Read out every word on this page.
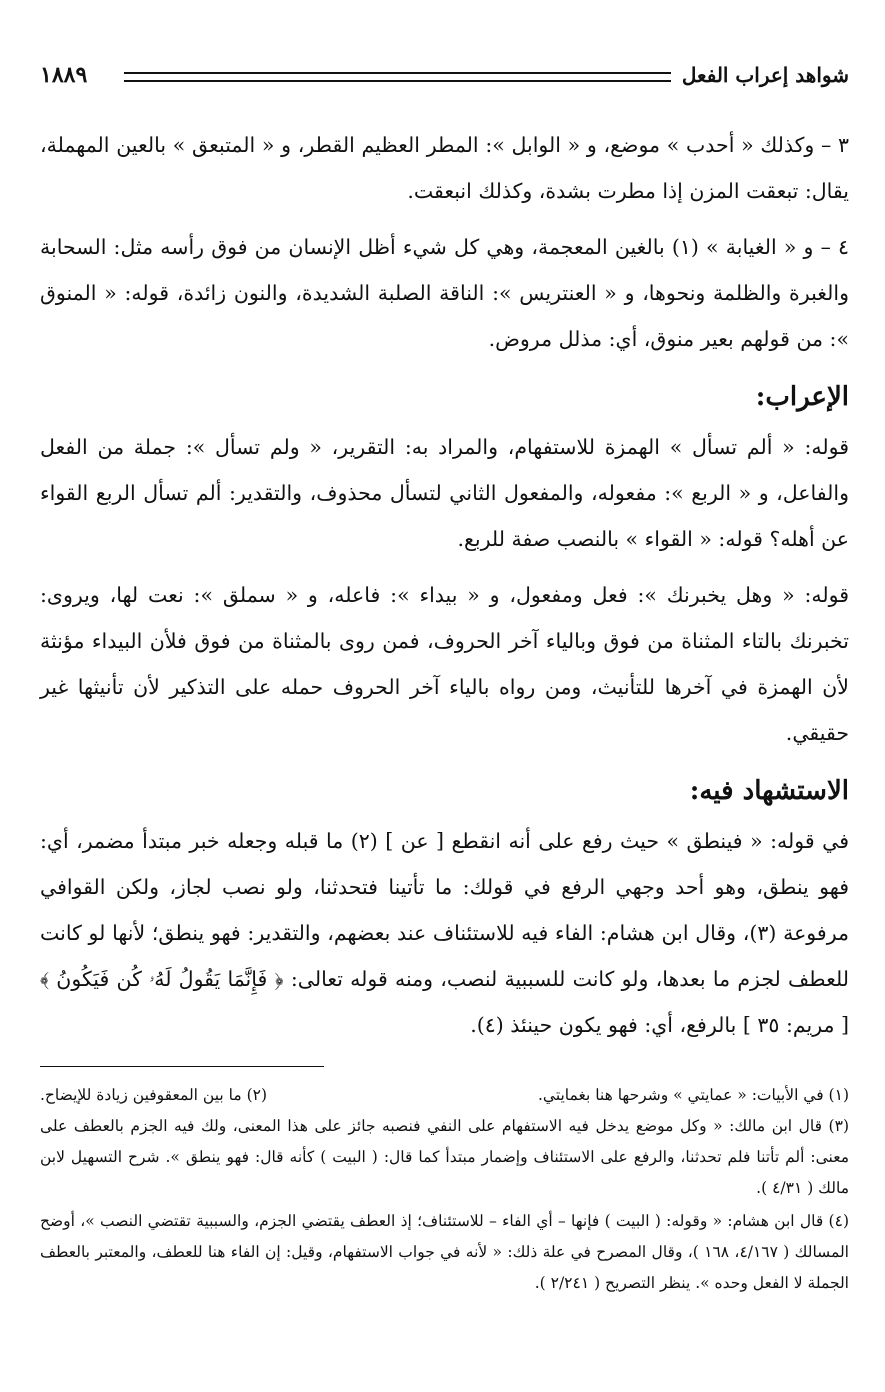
شواهد إعراب الفعل
١٨٨٩

٣ – وكذلك « أحدب » موضع، و « الوابل »: المطر العظيم القطر، و « المتبعق » بالعين المهملة، يقال: تبعقت المزن إذا مطرت بشدة، وكذلك انبعقت.

٤ – و « الغيابة » (١) بالغين المعجمة، وهي كل شيء أظل الإنسان من فوق رأسه مثل: السحابة والغبرة والظلمة ونحوها، و « العنتريس »: الناقة الصلبة الشديدة، والنون زائدة، قوله: « المنوق »: من قولهم بعير منوق، أي: مذلل مروض.

الإعراب:

قوله: « ألم تسأل » الهمزة للاستفهام، والمراد به: التقرير، « ولم تسأل »: جملة من الفعل والفاعل، و « الربع »: مفعوله، والمفعول الثاني لتسأل محذوف، والتقدير: ألم تسأل الربع القواء عن أهله؟ قوله: « القواء » بالنصب صفة للربع.

قوله: « وهل يخبرنك »: فعل ومفعول، و « بيداء »: فاعله، و « سملق »: نعت لها، ويروى: تخبرنك بالتاء المثناة من فوق وبالياء آخر الحروف، فمن روى بالمثناة من فوق فلأن البيداء مؤنثة لأن الهمزة في آخرها للتأنيث، ومن رواه بالياء آخر الحروف حمله على التذكير لأن تأنيثها غير حقيقي.

الاستشهاد فيه:

في قوله: « فينطق » حيث رفع على أنه انقطع [ عن ] (٢) ما قبله وجعله خبر مبتدأ مضمر، أي: فهو ينطق، وهو أحد وجهي الرفع في قولك: ما تأتينا فتحدثنا، ولو نصب لجاز، ولكن القوافي مرفوعة (٣)، وقال ابن هشام: الفاء فيه للاستئناف عند بعضهم، والتقدير: فهو ينطق؛ لأنها لو كانت للعطف لجزم ما بعدها، ولو كانت للسببية لنصب، ومنه قوله تعالى: ﴿ فَإِنَّمَا يَقُولُ لَهُۥ كُن فَيَكُونُ ﴾ [ مريم: ٣٥ ] بالرفع، أي: فهو يكون حينئذ (٤).

(١) في الأبيات: « عمايتي » وشرحها هنا بغمايتي.
(٢) ما بين المعقوفين زيادة للإيضاح.

(٣) قال ابن مالك: « وكل موضع يدخل فيه الاستفهام على النفي فنصبه جائز على هذا المعنى، ولك فيه الجزم بالعطف على معنى: ألم تأتنا فلم تحدثنا، والرفع على الاستئناف وإضمار مبتدأ كما قال: ( البيت ) كأنه قال: فهو ينطق ». شرح التسهيل لابن مالك ( ٤/٣١ ).

(٤) قال ابن هشام: « وقوله: ( البيت ) فإنها – أي الفاء – للاستئناف؛ إذ العطف يقتضي الجزم، والسببية تقتضي النصب »، أوضح المسالك ( ٤/١٦٧، ١٦٨ )، وقال المصرح في علة ذلك: « لأنه في جواب الاستفهام، وقيل: إن الفاء هنا للعطف، والمعتبر بالعطف الجملة لا الفعل وحده ». ينظر التصريح ( ٢/٢٤١ ).
